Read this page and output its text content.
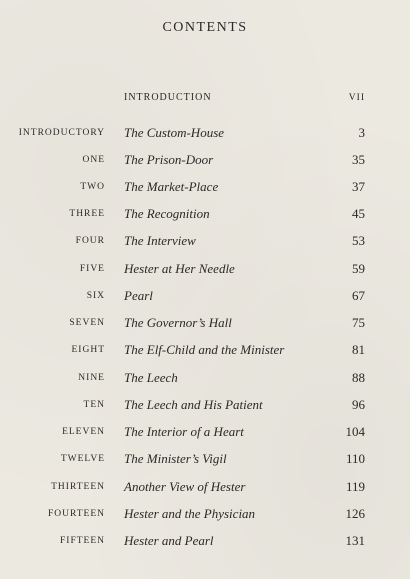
CONTENTS
INTRODUCTION	VII
INTRODUCTORY The Custom-House	3
ONE The Prison-Door	35
TWO The Market-Place	37
THREE The Recognition	45
FOUR The Interview	53
FIVE Hester at Her Needle	59
SIX Pearl	67
SEVEN The Governor’s Hall	75
EIGHT The Elf-Child and the Minister	81
NINE The Leech	88
TEN The Leech and His Patient	96
ELEVEN The Interior of a Heart	104
TWELVE The Minister’s Vigil	110
THIRTEEN Another View of Hester	119
FOURTEEN Hester and the Physician	126
FIFTEEN Hester and Pearl	131
